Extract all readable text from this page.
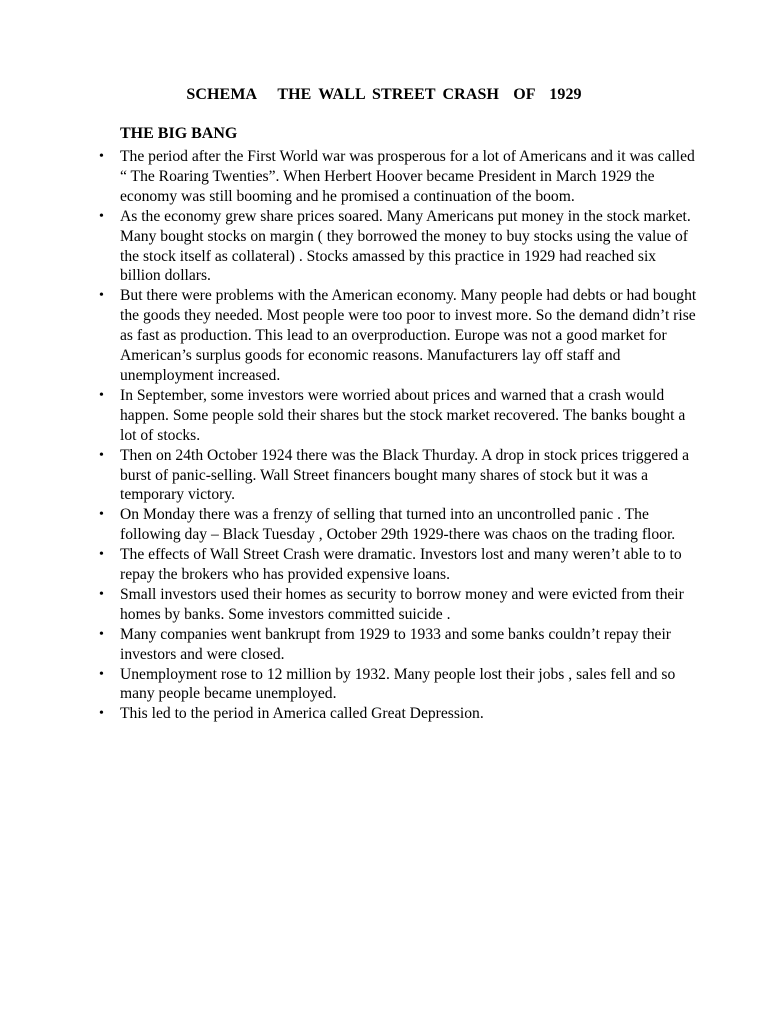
SCHEMA   THE WALL STREET CRASH  OF  1929
THE BIG BANG
• The period after the First World war was prosperous for a lot of Americans and it was called “ The Roaring Twenties”. When Herbert Hoover became President in March 1929 the economy was still booming and he promised a continuation of the boom.
• As the economy grew share prices soared. Many Americans put money in the stock market. Many bought stocks on margin ( they borrowed the money to buy stocks using the value of the stock itself as collateral) . Stocks amassed by this practice in 1929 had reached six billion dollars.
• But there were problems with the American economy. Many people had debts or had bought the goods they needed. Most people were too poor to invest more. So the demand didn’t rise as fast as production. This lead to an overproduction. Europe was not a good market for American’s surplus goods for economic reasons. Manufacturers lay off staff and unemployment increased.
• In September, some investors were worried about prices and warned that a crash would happen. Some people sold their shares but the stock market recovered. The banks bought a lot of stocks.
• Then on 24th October 1924 there was the Black Thurday. A drop in stock prices triggered a burst of panic-selling. Wall Street financers bought many shares of stock but it was a temporary victory.
• On Monday there was a frenzy of selling that turned into an uncontrolled panic . The following day – Black Tuesday , October 29th 1929-there was chaos on the trading floor.
• The effects of Wall Street Crash were dramatic. Investors lost and many weren’t able to to repay the brokers who has provided expensive loans.
• Small investors used their homes as security to borrow money and were evicted from their homes by banks. Some investors committed suicide .
• Many companies went bankrupt from 1929 to 1933 and some banks couldn’t repay their investors and were closed.
• Unemployment rose to 12 million by 1932. Many people lost their jobs , sales fell and so many people became unemployed.
• This led to the period in America called Great Depression.
